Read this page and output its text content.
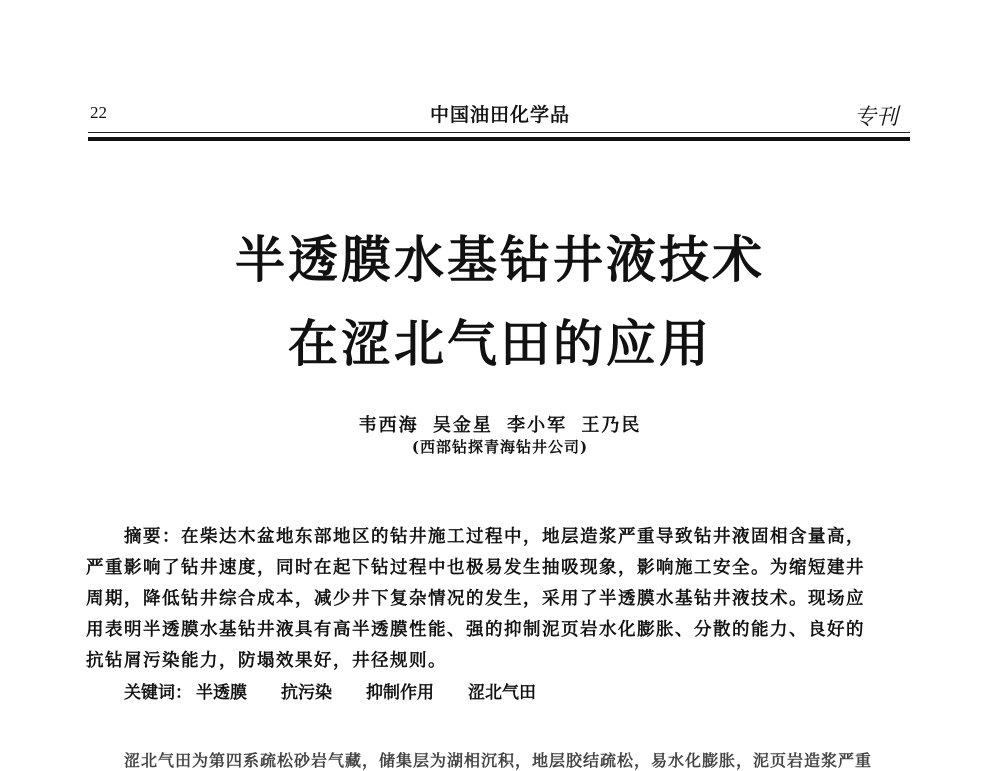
22	中国油田化学品	专刊
半透膜水基钻井液技术
在涩北气田的应用
韦西海 吴金星 李小军 王乃民
(西部钻探青海钻井公司)
摘要：在柴达木盆地东部地区的钻井施工过程中，地层造浆严重导致钻井液固相含量高，
严重影响了钻井速度，同时在起下钻过程中也极易发生抽吸现象，影响施工安全。为缩短建井
周期，降低钻井综合成本，减少井下复杂情况的发生，采用了半透膜水基钻井液技术。现场应
用表明半透膜水基钻井液具有高半透膜性能、强的抑制泥页岩水化膨胀、分散的能力、良好的
抗钻屑污染能力，防塌效果好，井径规则。
关键词： 半透膜 抗污染 抑制作用 涩北气田
涩北气田为第四系疏松砂岩气藏，储集层为湖相沉积，地层胶结疏松，易水化膨胀，泥页岩造浆严重
